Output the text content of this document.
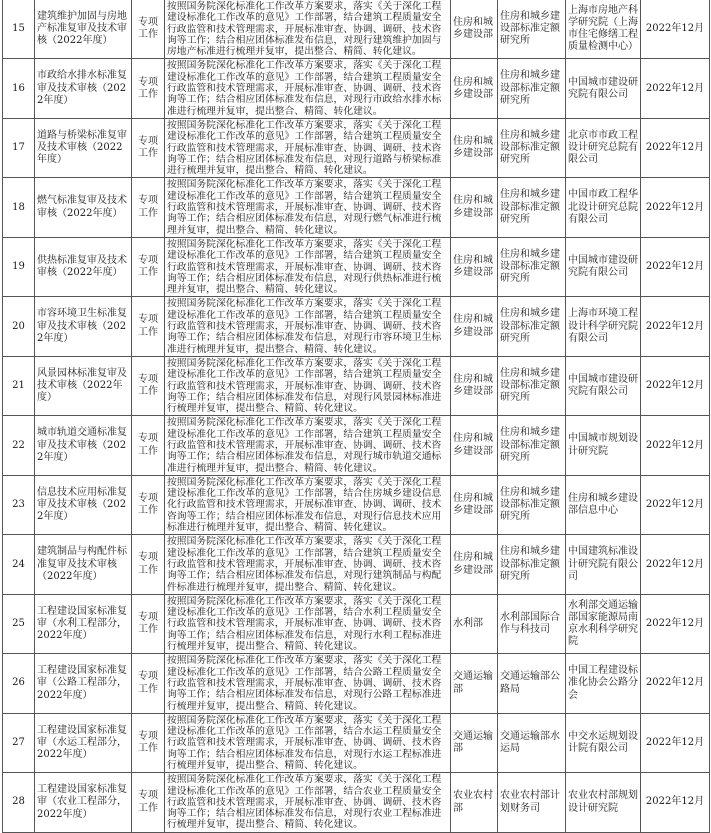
15	建筑维护加固与房地产标准复审及技术审核（2022年度）	专项工作	按照国务院深化标准化工作改革方案要求，落实《关于深化工程建设标准化工作改革的意见》工作部署，结合建筑工程质量安全行政监管和技术管理需求，开展标准审查、协调、调研、技术咨询等工作；结合相应团体标准发布信息，对现行建筑维护加固与房地产标准进行梳理并复审，提出整合、精简、转化建议。	住房和城乡建设部	住房和城乡建设部标准定额研究所	上海市房地产科学研究院（上海市住宅修缮工程质量检测中心）	2022年12月
16	市政给水排水标准复审及技术审核（2022年度）	专项工作	按照国务院深化标准化工作改革方案要求，落实《关于深化工程建设标准化工作改革的意见》工作部署，结合建筑工程质量安全行政监管和技术管理需求，开展标准审查、协调、调研、技术咨询等工作；结合相应团体标准发布信息，对现行市政给水排水标准进行梳理并复审，提出整合、精简、转化建议。	住房和城乡建设部	住房和城乡建设部标准定额研究所	中国城市建设研究院有限公司	2022年12月
17	道路与桥梁标准复审及技术审核（2022年度）	专项工作	按照国务院深化标准化工作改革方案要求，落实《关于深化工程建设标准化工作改革的意见》工作部署，结合建筑工程质量安全行政监管和技术管理需求，开展标准审查、协调、调研、技术咨询等工作；结合相应团体标准发布信息，对现行道路与桥梁标准进行梳理并复审，提出整合、精简、转化建议。	住房和城乡建设部	住房和城乡建设部标准定额研究所	北京市市政工程设计研究总院有限公司	2022年12月
18	燃气标准复审及技术审核（2022年度）	专项工作	按照国务院深化标准化工作改革方案要求，落实《关于深化工程建设标准化工作改革的意见》工作部署，结合建筑工程质量安全行政监管和技术管理需求，开展标准审查、协调、调研、技术咨询等工作；结合相应团体标准发布信息，对现行燃气标准进行梳理并复审，提出整合、精简、转化建议。	住房和城乡建设部	住房和城乡建设部标准定额研究所	中国市政工程华北设计研究总院有限公司	2022年12月
19	供热标准复审及技术审核（2022年度）	专项工作	按照国务院深化标准化工作改革方案要求，落实《关于深化工程建设标准化工作改革的意见》工作部署，结合建筑工程质量安全行政监管和技术管理需求，开展标准审查、协调、调研、技术咨询等工作；结合相应团体标准发布信息，对现行供热标准进行梳理并复审，提出整合、精简、转化建议。	住房和城乡建设部	住房和城乡建设部标准定额研究所	中国城市建设研究院有限公司	2022年12月
20	市容环境卫生标准复审及技术审核（2022年度）	专项工作	按照国务院深化标准化工作改革方案要求，落实《关于深化工程建设标准化工作改革的意见》工作部署，结合建筑工程质量安全行政监管和技术管理需求，开展标准审查、协调、调研、技术咨询等工作；结合相应团体标准发布信息，对现行市容环境卫生标准进行梳理并复审，提出整合、精简、转化建议。	住房和城乡建设部	住房和城乡建设部标准定额研究所	上海市环境工程设计科学研究院有限公司	2022年12月
21	风景园林标准复审及技术审核（2022年度）	专项工作	按照国务院深化标准化工作改革方案要求，落实《关于深化工程建设标准化工作改革的意见》工作部署，结合建筑工程质量安全行政监管和技术管理需求，开展标准审查、协调、调研、技术咨询等工作；结合相应团体标准发布信息，对现行风景园林标准进行梳理并复审，提出整合、精简、转化建议。	住房和城乡建设部	住房和城乡建设部标准定额研究所	中国城市建设研究院有限公司	2022年12月
22	城市轨道交通标准复审及技术审核（2022年度）	专项工作	按照国务院深化标准化工作改革方案要求，落实《关于深化工程建设标准化工作改革的意见》工作部署，结合建筑工程质量安全行政监管和技术管理需求，开展标准审查、协调、调研、技术咨询等工作；结合相应团体标准发布信息，对现行城市轨道交通标准进行梳理并复审，提出整合、精简、转化建议。	住房和城乡建设部	住房和城乡建设部标准定额研究所	中国城市规划设计研究院	2022年12月
23	信息技术应用标准复审及技术审核（2022年度）	专项工作	按照国务院深化标准化工作改革方案要求，落实《关于深化工程建设标准化工作改革的意见》工作部署，结合住房城乡建设信息化行政监管和技术管理需求，开展标准审查、协调、调研、技术咨询等工作；结合相应团体标准发布信息，对现行信息技术应用标准进行梳理并复审，提出整合、精简、转化建议。	住房和城乡建设部	住房和城乡建设部标准定额研究所	住房和城乡建设部信息中心	2022年12月
24	建筑制品与构配件标准复审及技术审核（2022年度）	专项工作	按照国务院深化标准化工作改革方案要求，落实《关于深化工程建设标准化工作改革的意见》工作部署，结合建筑工程质量安全行政监管和技术管理需求，开展标准审查、协调、调研、技术咨询等工作；结合相应团体标准发布信息，对现行建筑制品与构配件标准进行梳理并复审，提出整合、精简、转化建议。	住房和城乡建设部	住房和城乡建设部标准定额研究所	中国建筑标准设计研究院有限公司	2022年12月
25	工程建设国家标准复审（水利工程部分，2022年度）	专项工作	按照国务院深化标准化工作改革方案要求，落实《关于深化工程建设标准化工作改革的意见》工作部署，结合水利工程质量安全行政监管和技术管理需求，开展标准审查、协调、调研、技术咨询等工作；结合相应团体标准发布信息，对现行水利工程标准进行梳理并复审，提出整合、精简、转化建议。	水利部	水利部国际合作与科技司	水利部交通运输部国家能源局南京水利科学研究院	2022年12月
26	工程建设国家标准复审（公路工程部分，2022年度）	专项工作	按照国务院深化标准化工作改革方案要求，落实《关于深化工程建设标准化工作改革的意见》工作部署，结合公路工程质量安全行政监管和技术管理需求，开展标准审查、协调、调研、技术咨询等工作；结合相应团体标准发布信息，对现行公路工程标准进行梳理并复审，提出整合、精简、转化建议。	交通运输部	交通运输部公路局	中国工程建设标准化协会公路分会	2022年12月
27	工程建设国家标准复审（水运工程部分，2022年度）	专项工作	按照国务院深化标准化工作改革方案要求，落实《关于深化工程建设标准化工作改革的意见》工作部署，结合水运工程质量安全行政监管和技术管理需求，开展标准审查、协调、调研、技术咨询等工作；结合相应团体标准发布信息，对现行水运工程标准进行梳理并复审，提出整合、精简、转化建议。	交通运输部	交通运输部水运局	中交水运规划设计院有限公司	2022年12月
28	工程建设国家标准复审（农业工程部分，2022年度）	专项工作	按照国务院深化标准化工作改革方案要求，落实《关于深化工程建设标准化工作改革的意见》工作部署，结合农业工程质量安全行政监管和技术管理需求，开展标准审查、协调、调研、技术咨询等工作；结合相应团体标准发布信息，对现行农业工程标准进行梳理并复审，提出整合、精简、转化建议。	农业农村部	农业农村部计划财务司	农业农村部规划设计研究院	2022年12月
